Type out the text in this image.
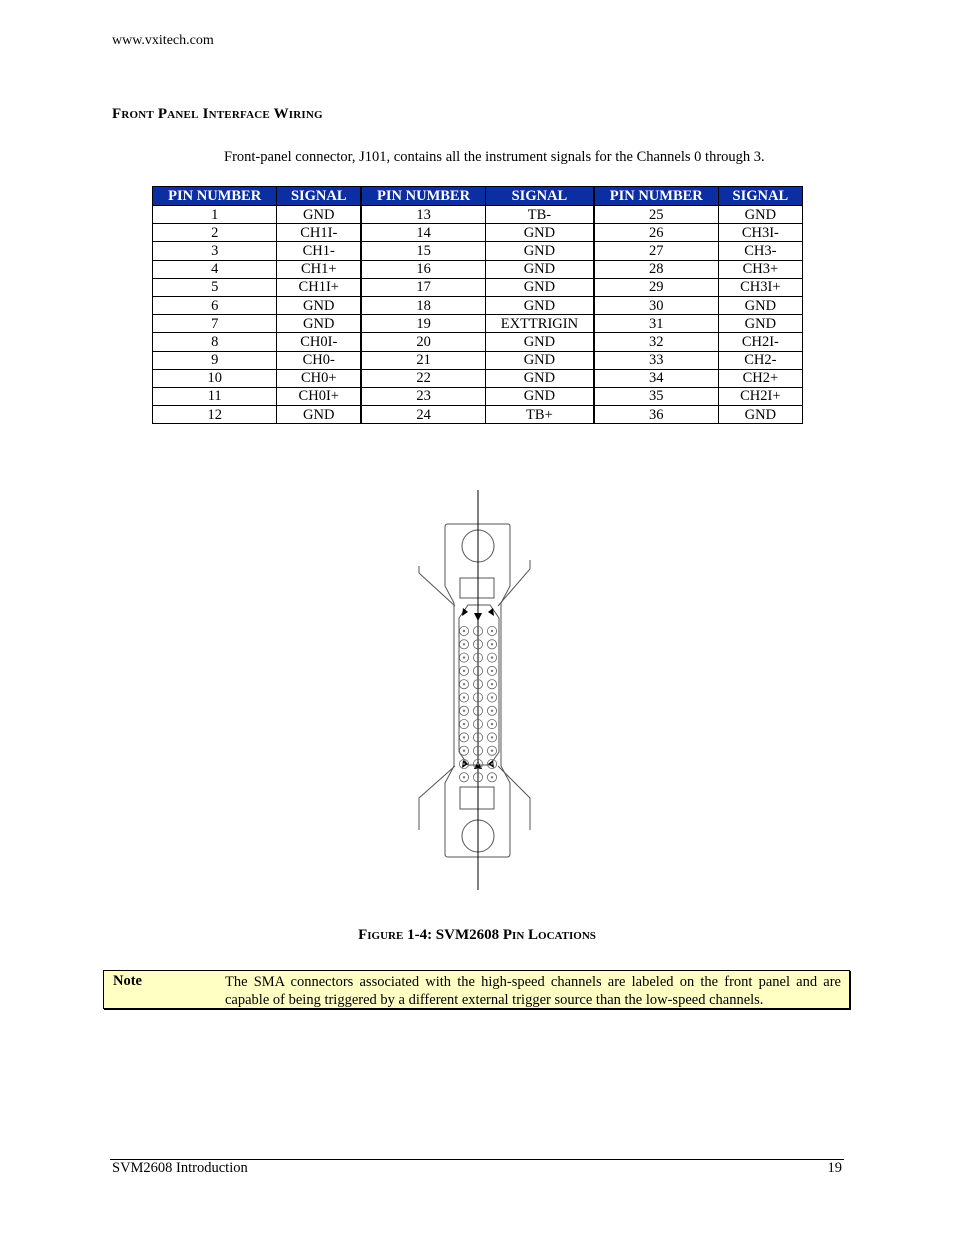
www.vxitech.com
Front Panel Interface Wiring
Front-panel connector, J101, contains all the instrument signals for the Channels 0 through 3.
PIN NUMBER	SIGNAL	PIN NUMBER	SIGNAL	PIN NUMBER	SIGNAL
1	GND	13	TB-	25	GND
2	CH1I-	14	GND	26	CH3I-
3	CH1-	15	GND	27	CH3-
4	CH1+	16	GND	28	CH3+
5	CH1I+	17	GND	29	CH3I+
6	GND	18	GND	30	GND
7	GND	19	EXTTRIGIN	31	GND
8	CH0I-	20	GND	32	CH2I-
9	CH0-	21	GND	33	CH2-
10	CH0+	22	GND	34	CH2+
11	CH0I+	23	GND	35	CH2I+
12	GND	24	TB+	36	GND
Figure 1-4: SVM2608 Pin Locations
Note	The SMA connectors associated with the high-speed channels are labeled on the front panel and are capable of being triggered by a different external trigger source than the low-speed channels.
SVM2608 Introduction	19
